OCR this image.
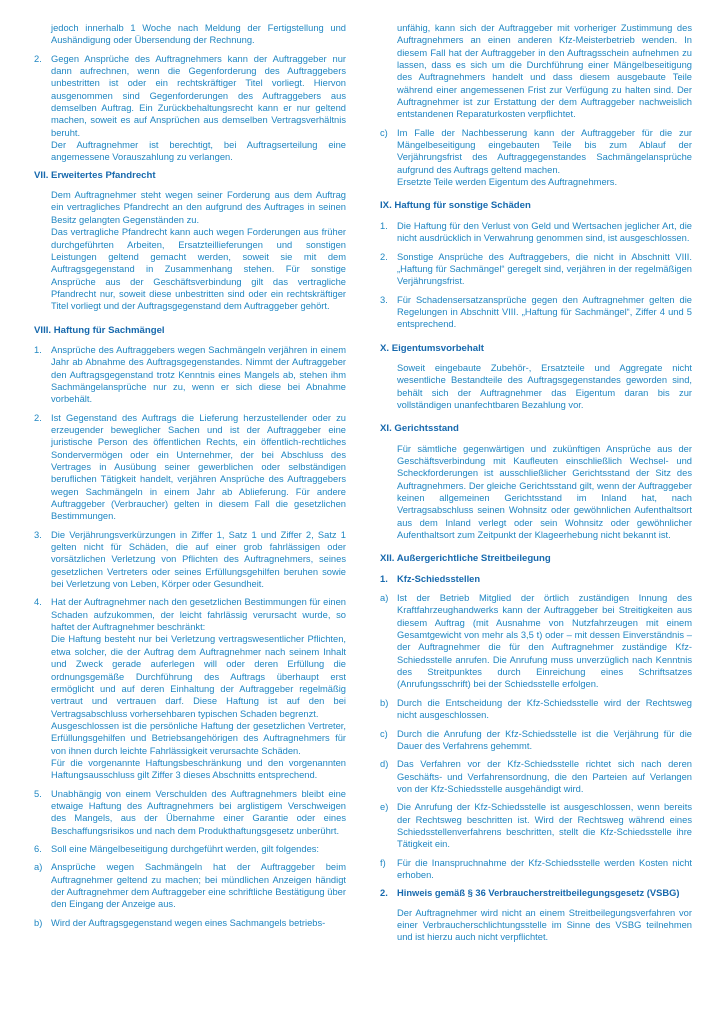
jedoch innerhalb 1 Woche nach Meldung der Fertigstellung und Aushändigung oder Übersendung der Rechnung.
2. Gegen Ansprüche des Auftragnehmers kann der Auftraggeber nur dann aufrechnen, wenn die Gegenforderung des Auftraggebers unbestritten ist oder ein rechtskräftiger Titel vorliegt. Hiervon ausgenommen sind Gegenforderungen des Auftraggebers aus demselben Auftrag. Ein Zurückbehaltungsrecht kann er nur geltend machen, soweit es auf Ansprüchen aus demselben Vertragsverhältnis beruht.
Der Auftragnehmer ist berechtigt, bei Auftragserteilung eine angemessene Vorauszahlung zu verlangen.
VII. Erweitertes Pfandrecht
Dem Auftragnehmer steht wegen seiner Forderung aus dem Auftrag ein vertragliches Pfandrecht an den aufgrund des Auftrages in seinen Besitz gelangten Gegenständen zu.
Das vertragliche Pfandrecht kann auch wegen Forderungen aus früher durchgeführten Arbeiten, Ersatzteillieferungen und sonstigen Leistungen geltend gemacht werden, soweit sie mit dem Auftragsgegenstand in Zusammenhang stehen. Für sonstige Ansprüche aus der Geschäftsverbindung gilt das vertragliche Pfandrecht nur, soweit diese unbestritten sind oder ein rechtskräftiger Titel vorliegt und der Auftragsgegenstand dem Auftraggeber gehört.
VIII. Haftung für Sachmängel
1. Ansprüche des Auftraggebers wegen Sachmängeln verjähren in einem Jahr ab Abnahme des Auftragsgegenstandes. Nimmt der Auftraggeber den Auftragsgegenstand trotz Kenntnis eines Mangels ab, stehen ihm Sachmängelansprüche nur zu, wenn er sich diese bei Abnahme vorbehält.
2. Ist Gegenstand des Auftrags die Lieferung herzustellender oder zu erzeugender beweglicher Sachen und ist der Auftraggeber eine juristische Person des öffentlichen Rechts, ein öffentlich-rechtliches Sondervermögen oder ein Unternehmer, der bei Abschluss des Vertrages in Ausübung seiner gewerblichen oder selbständigen beruflichen Tätigkeit handelt, verjähren Ansprüche des Auftraggebers wegen Sachmängeln in einem Jahr ab Ablieferung. Für andere Auftraggeber (Verbraucher) gelten in diesem Fall die gesetzlichen Bestimmungen.
3. Die Verjährungsverkürzungen in Ziffer 1, Satz 1 und Ziffer 2, Satz 1 gelten nicht für Schäden, die auf einer grob fahrlässigen oder vorsätzlichen Verletzung von Pflichten des Auftragnehmers, seines gesetzlichen Vertreters oder seines Erfüllungsgehilfen beruhen sowie bei Verletzung von Leben, Körper oder Gesundheit.
4. Hat der Auftragnehmer nach den gesetzlichen Bestimmungen für einen Schaden aufzukommen, der leicht fahrlässig verursacht wurde, so haftet der Auftragnehmer beschränkt:
Die Haftung besteht nur bei Verletzung vertragswesentlicher Pflichten, etwa solcher, die der Auftrag dem Auftragnehmer nach seinem Inhalt und Zweck gerade auferlegen will oder deren Erfüllung die ordnungsgemäße Durchführung des Auftrags überhaupt erst ermöglicht und auf deren Einhaltung der Auftraggeber regelmäßig vertraut und vertrauen darf. Diese Haftung ist auf den bei Vertragsabschluss vorhersehbaren typischen Schaden begrenzt.
Ausgeschlossen ist die persönliche Haftung der gesetzlichen Vertreter, Erfüllungsgehilfen und Betriebsangehörigen des Auftragnehmers für von ihnen durch leichte Fahrlässigkeit verursachte Schäden.
Für die vorgenannte Haftungsbeschränkung und den vorgenannten Haftungsausschluss gilt Ziffer 3 dieses Abschnitts entsprechend.
5. Unabhängig von einem Verschulden des Auftragnehmers bleibt eine etwaige Haftung des Auftragnehmers bei arglistigem Verschweigen des Mangels, aus der Übernahme einer Garantie oder eines Beschaffungsrisikos und nach dem Produkthaftungsgesetz unberührt.
6. Soll eine Mängelbeseitigung durchgeführt werden, gilt folgendes:
a) Ansprüche wegen Sachmängeln hat der Auftraggeber beim Auftragnehmer geltend zu machen; bei mündlichen Anzeigen händigt der Auftragnehmer dem Auftraggeber eine schriftliche Bestätigung über den Eingang der Anzeige aus.
b) Wird der Auftragsgegenstand wegen eines Sachmangels betriebs-
unfähig, kann sich der Auftraggeber mit vorheriger Zustimmung des Auftragnehmers an einen anderen Kfz-Meisterbetrieb wenden. In diesem Fall hat der Auftraggeber in den Auftragsschein aufnehmen zu lassen, dass es sich um die Durchführung einer Mängelbeseitigung des Auftragnehmers handelt und dass diesem ausgebaute Teile während einer angemessenen Frist zur Verfügung zu halten sind. Der Auftragnehmer ist zur Erstattung der dem Auftraggeber nachweislich entstandenen Reparaturkosten verpflichtet.
c) Im Falle der Nachbesserung kann der Auftraggeber für die zur Mängelbeseitigung eingebauten Teile bis zum Ablauf der Verjährungsfrist des Auftraggegenstandes Sachmängelansprüche aufgrund des Auftrags geltend machen.
Ersetzte Teile werden Eigentum des Auftragnehmers.
IX. Haftung für sonstige Schäden
1. Die Haftung für den Verlust von Geld und Wertsachen jeglicher Art, die nicht ausdrücklich in Verwahrung genommen sind, ist ausgeschlossen.
2. Sonstige Ansprüche des Auftraggebers, die nicht in Abschnitt VIII. „Haftung für Sachmängel“ geregelt sind, verjähren in der regelmäßigen Verjährungsfrist.
3. Für Schadensersatzansprüche gegen den Auftragnehmer gelten die Regelungen in Abschnitt VIII. „Haftung für Sachmängel“, Ziffer 4 und 5 entsprechend.
X. Eigentumsvorbehalt
Soweit eingebaute Zubehör-, Ersatzteile und Aggregate nicht wesentliche Bestandteile des Auftragsgegenstandes geworden sind, behält sich der Auftragnehmer das Eigentum daran bis zur vollständigen unanfechtbaren Bezahlung vor.
XI. Gerichtsstand
Für sämtliche gegenwärtigen und zukünftigen Ansprüche aus der Geschäftsverbindung mit Kaufleuten einschließlich Wechsel- und Scheckforderungen ist ausschließlicher Gerichtsstand der Sitz des Auftragnehmers. Der gleiche Gerichtsstand gilt, wenn der Auftraggeber keinen allgemeinen Gerichtsstand im Inland hat, nach Vertragsabschluss seinen Wohnsitz oder gewöhnlichen Aufenthaltsort aus dem Inland verlegt oder sein Wohnsitz oder gewöhnlicher Aufenthaltsort zum Zeitpunkt der Klageerhebung nicht bekannt ist.
XII. Außergerichtliche Streitbeilegung
1. Kfz-Schiedsstellen
a) Ist der Betrieb Mitglied der örtlich zuständigen Innung des Kraftfahrzeughandwerks kann der Auftraggeber bei Streitigkeiten aus diesem Auftrag (mit Ausnahme von Nutzfahrzeugen mit einem Gesamtgewicht von mehr als 3,5 t) oder – mit dessen Einverständnis – der Auftragnehmer die für den Auftragnehmer zuständige Kfz-Schiedsstelle anrufen. Die Anrufung muss unverzüglich nach Kenntnis des Streitpunktes durch Einreichung eines Schriftsatzes (Anrufungsschrift) bei der Schiedsstelle erfolgen.
b) Durch die Entscheidung der Kfz-Schiedsstelle wird der Rechtsweg nicht ausgeschlossen.
c) Durch die Anrufung der Kfz-Schiedsstelle ist die Verjährung für die Dauer des Verfahrens gehemmt.
d) Das Verfahren vor der Kfz-Schiedsstelle richtet sich nach deren Geschäfts- und Verfahrensordnung, die den Parteien auf Verlangen von der Kfz-Schiedsstelle ausgehändigt wird.
e) Die Anrufung der Kfz-Schiedsstelle ist ausgeschlossen, wenn bereits der Rechtsweg beschritten ist. Wird der Rechtsweg während eines Schiedsstellenverfahrens beschritten, stellt die Kfz-Schiedsstelle ihre Tätigkeit ein.
f)	Für die Inanspruchnahme der Kfz-Schiedsstelle werden Kosten nicht erhoben.
2. Hinweis gemäß § 36 Verbraucherstreitbeilegungsgesetz (VSBG)
Der Auftragnehmer wird nicht an einem Streitbeilegungsverfahren vor einer Verbraucherschlichtungsstelle im Sinne des VSBG teilnehmen und ist hierzu auch nicht verpflichtet.
